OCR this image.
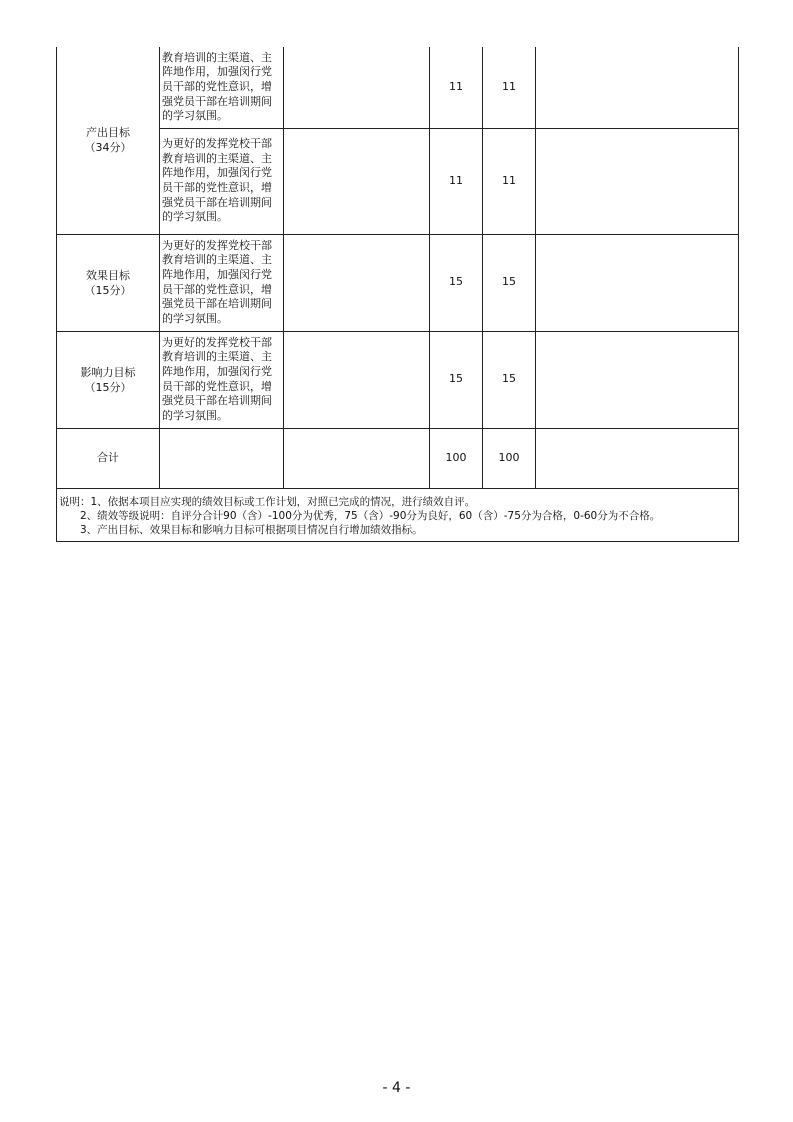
产出目标
（34分）	教育培训的主渠道、主阵地作用，加强闵行党员干部的党性意识，增强党员干部在培训期间的学习氛围。		11	11	
	为更好的发挥党校干部教育培训的主渠道、主阵地作用，加强闵行党员干部的党性意识，增强党员干部在培训期间的学习氛围。		11	11	

效果目标
（15分）	为更好的发挥党校干部教育培训的主渠道、主阵地作用，加强闵行党员干部的党性意识，增强党员干部在培训期间的学习氛围。		15	15	

影响力目标
（15分）	为更好的发挥党校干部教育培训的主渠道、主阵地作用，加强闵行党员干部的党性意识，增强党员干部在培训期间的学习氛围。		15	15	
合计			100	100	

说明：1、依据本项目应实现的绩效目标或工作计划，对照已完成的情况，进行绩效自评。
2、绩效等级说明：自评分合计90（含）-100分为优秀，75（含）-90分为良好，60（含）-75分为合格，0-60分为不合格。
3、产出目标、效果目标和影响力目标可根据项目情况自行增加绩效指标。					
- 4 -
